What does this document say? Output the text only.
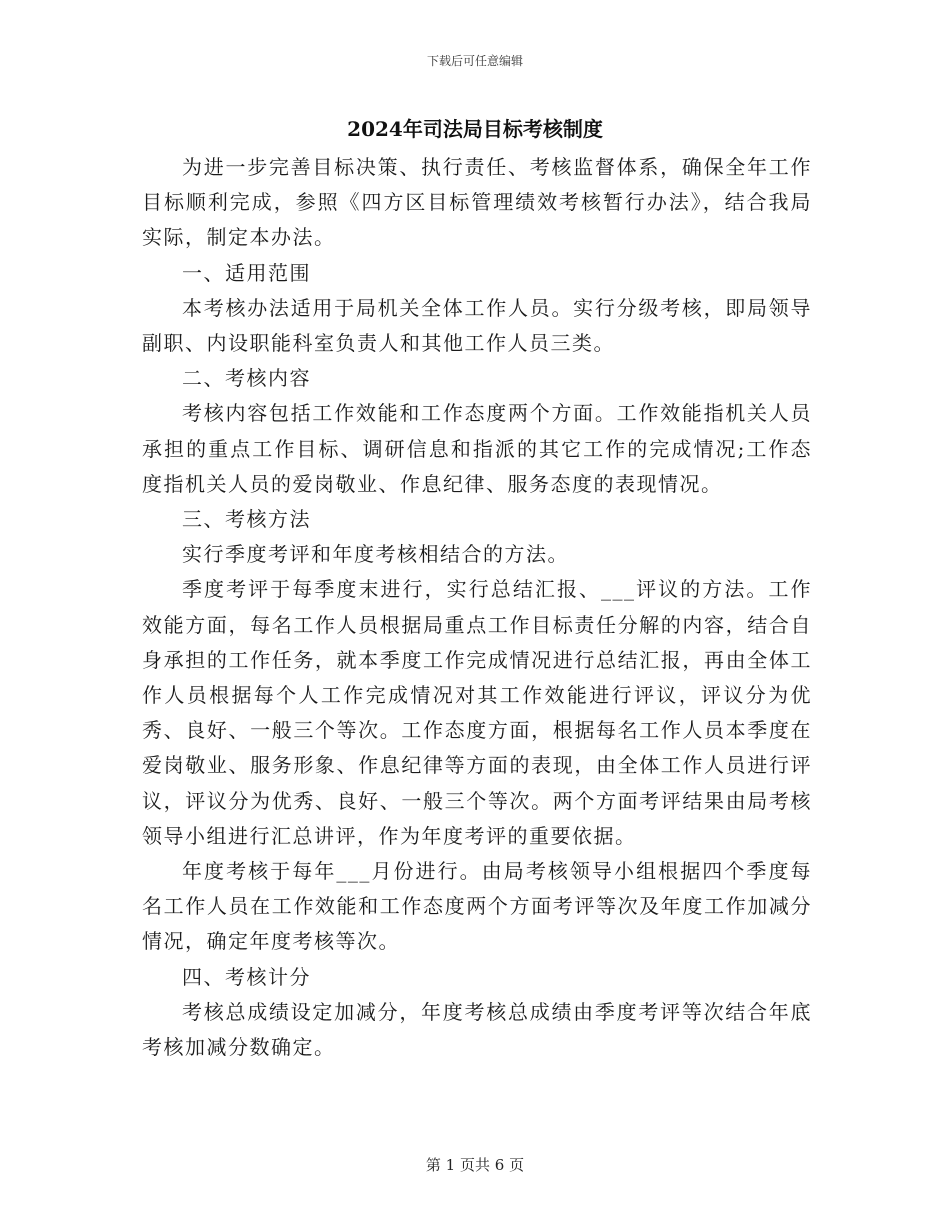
下载后可任意编辑
2024年司法局目标考核制度

为进一步完善目标决策、执行责任、考核监督体系，确保全年工作目标顺利完成，参照《四方区目标管理绩效考核暂行办法》，结合我局实际，制定本办法。

一、适用范围

本考核办法适用于局机关全体工作人员。实行分级考核，即局领导副职、内设职能科室负责人和其他工作人员三类。

二、考核内容

考核内容包括工作效能和工作态度两个方面。工作效能指机关人员承担的重点工作目标、调研信息和指派的其它工作的完成情况;工作态度指机关人员的爱岗敬业、作息纪律、服务态度的表现情况。

三、考核方法

实行季度考评和年度考核相结合的方法。

季度考评于每季度末进行，实行总结汇报、___评议的方法。工作效能方面，每名工作人员根据局重点工作目标责任分解的内容，结合自身承担的工作任务，就本季度工作完成情况进行总结汇报，再由全体工作人员根据每个人工作完成情况对其工作效能进行评议，评议分为优秀、良好、一般三个等次。工作态度方面，根据每名工作人员本季度在爱岗敬业、服务形象、作息纪律等方面的表现，由全体工作人员进行评议，评议分为优秀、良好、一般三个等次。两个方面考评结果由局考核领导小组进行汇总讲评，作为年度考评的重要依据。

年度考核于每年___月份进行。由局考核领导小组根据四个季度每名工作人员在工作效能和工作态度两个方面考评等次及年度工作加减分情况，确定年度考核等次。

四、考核计分

考核总成绩设定加减分，年度考核总成绩由季度考评等次结合年底考核加减分数确定。

第 1 页共 6 页
